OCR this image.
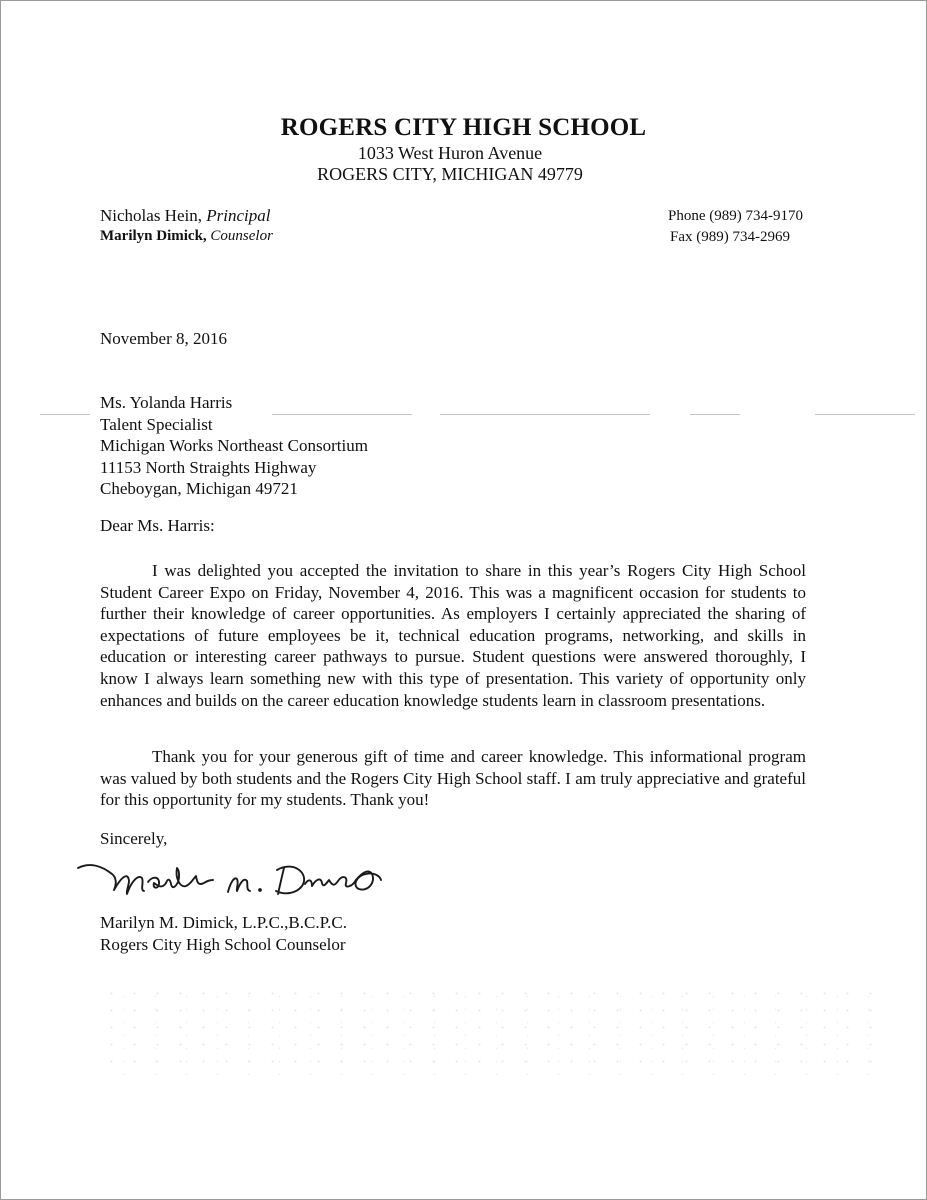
ROGERS CITY HIGH SCHOOL
1033 West Huron Avenue
ROGERS CITY, MICHIGAN 49779
Nicholas Hein, Principal
Marilyn Dimick, Counselor
Phone (989) 734-9170
Fax (989) 734-2969
November 8, 2016
Ms. Yolanda Harris
Talent Specialist
Michigan Works Northeast Consortium
11153 North Straights Highway
Cheboygan, Michigan 49721
Dear Ms. Harris:
I was delighted you accepted the invitation to share in this year’s Rogers City High School Student Career Expo on Friday, November 4, 2016. This was a magnificent occasion for students to further their knowledge of career opportunities. As employers I certainly appreciated the sharing of expectations of future employees be it, technical education programs, networking, and skills in education or interesting career pathways to pursue. Student questions were answered thoroughly, I know I always learn something new with this type of presentation. This variety of opportunity only enhances and builds on the career education knowledge students learn in classroom presentations.
Thank you for your generous gift of time and career knowledge. This informational program was valued by both students and the Rogers City High School staff. I am truly appreciative and grateful for this opportunity for my students. Thank you!
Sincerely,
Marilyn M. Dimick
Marilyn M. Dimick, L.P.C.,B.C.P.C.
Rogers City High School Counselor
